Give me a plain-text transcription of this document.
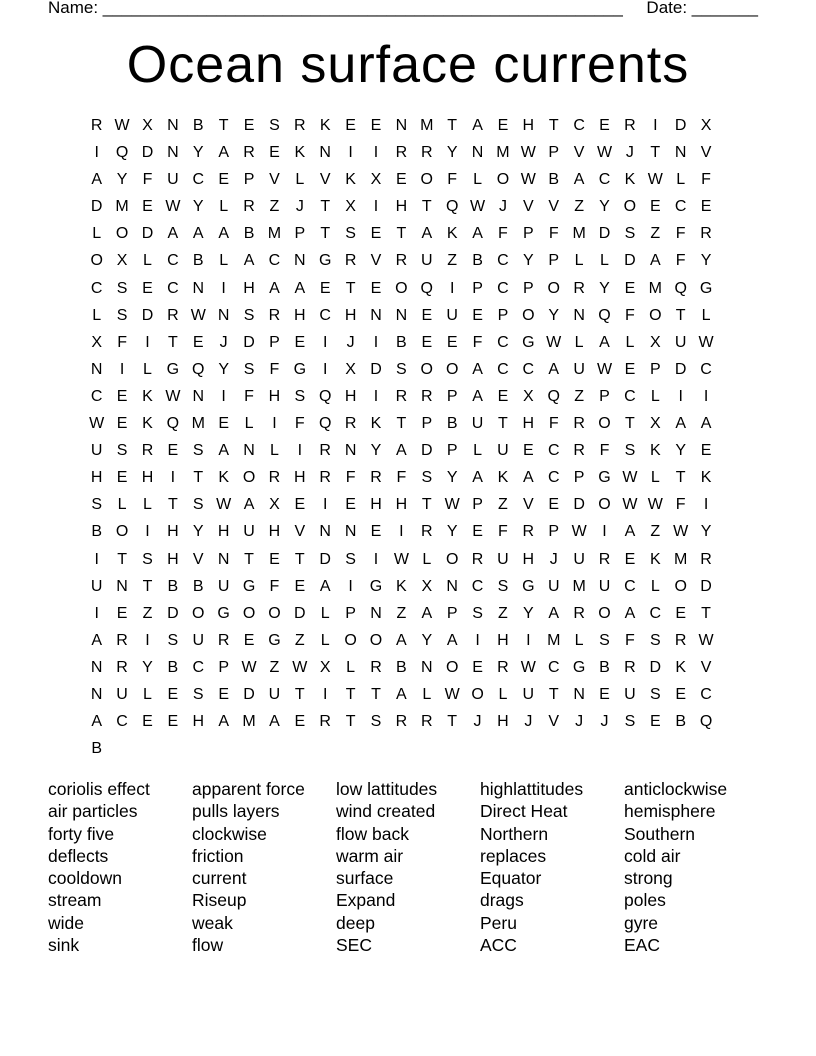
Name: _______________________________________________________     Date: _______
Ocean surface currents
R W X N B T E S R K E E N M T A E H T C E R	I	D X
I	Q D N Y A R E K N	I	I	R R Y N M W P V W J	T N V
A Y F U C E P V L V K X E O F	L O W B A C K W L	F
D M E W Y L R Z	J	T X	I	H T Q W J	V V Z Y O E C E
L O D A A A B M P T S E T A K A F P F M D S Z F R
O X L C B L A C N G R V R U Z B C Y P L	L D A F Y
C S E C N	I	H A A E T E O Q	I	P C P O R Y E M Q G
L S D R W N S R H C H N N E U E P O Y N Q F O T	L
X F	I	T E	J D P E	I	J	I	B E E F C G W L A L X U W
N	I	L G Q Y S F G	I	X D S O O A C C A U W E P D C
C E K W N	I	F H S Q H	I	R R P A E X Q Z P C L	I	I
W E K Q M E L	I	F Q R K T P B U T H F R O T X A A
U S R E S A N L	I	R N Y A D P L U E C R F S K Y E
H E H	I	T K O R H R F R F S Y A K A C P G W L	T K
S L	L	T S W A X E	I	E H H T W P Z V E D O W W F	I
B O	I	H Y H U H V N N E	I	R Y E F R P W I	A Z W Y
I	T S H V N T E T D S	I W L O R U H J U R E K M R
U N T B B U G F E A	I	G K X N C S G U M U C L O D
I	E Z D O G O O D L P N Z A P S Z Y A R O A C E T
A R	I	S U R E G Z	L O O A Y A	I	H	I	M L S F S R W
N R Y B C P W Z W X L R B N O E R W C G B R D K V
N U L E S E D U T	I	T T A L W O L U T N E U S E C
A C E E H A M A E R T S R R T	J H J	V	J	J	S E B Q
B
coriolis effect	apparent force	low lattitudes	highlattitudes	anticlockwise
air particles	pulls layers	wind created	Direct Heat	hemisphere
forty five	clockwise	flow back	Northern	Southern
deflects	friction	warm air	replaces	cold air
cooldown	current	surface	Equator	strong
stream	Riseup	Expand	drags	poles
wide	weak	deep	Peru	gyre
sink	flow	SEC	ACC	EAC
